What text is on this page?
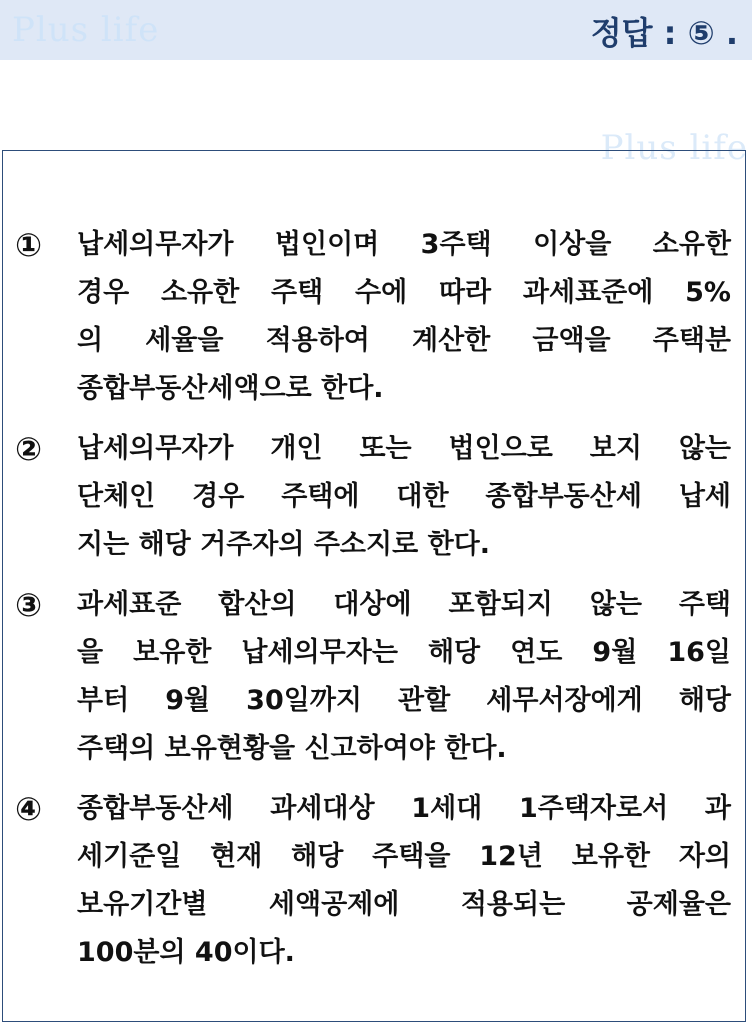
Plus life	정답 : ⑤ .
Plus life
① 납세의무자가 법인이며 3주택 이상을 소유한
경우 소유한 주택 수에 따라 과세표준에 5%
의 세율을 적용하여 계산한 금액을 주택분
종합부동산세액으로 한다.
② 납세의무자가 개인 또는 법인으로 보지 않는
단체인 경우 주택에 대한 종합부동산세 납세
지는 해당 거주자의 주소지로 한다.
③ 과세표준 합산의 대상에 포함되지 않는 주택
을 보유한 납세의무자는 해당 연도 9월 16일
부터 9월 30일까지 관할 세무서장에게 해당
주택의 보유현황을 신고하여야 한다.
④ 종합부동산세 과세대상 1세대 1주택자로서 과
세기준일 현재 해당 주택을 12년 보유한 자의
보유기간별 세액공제에 적용되는 공제율은
100분의 40이다.
